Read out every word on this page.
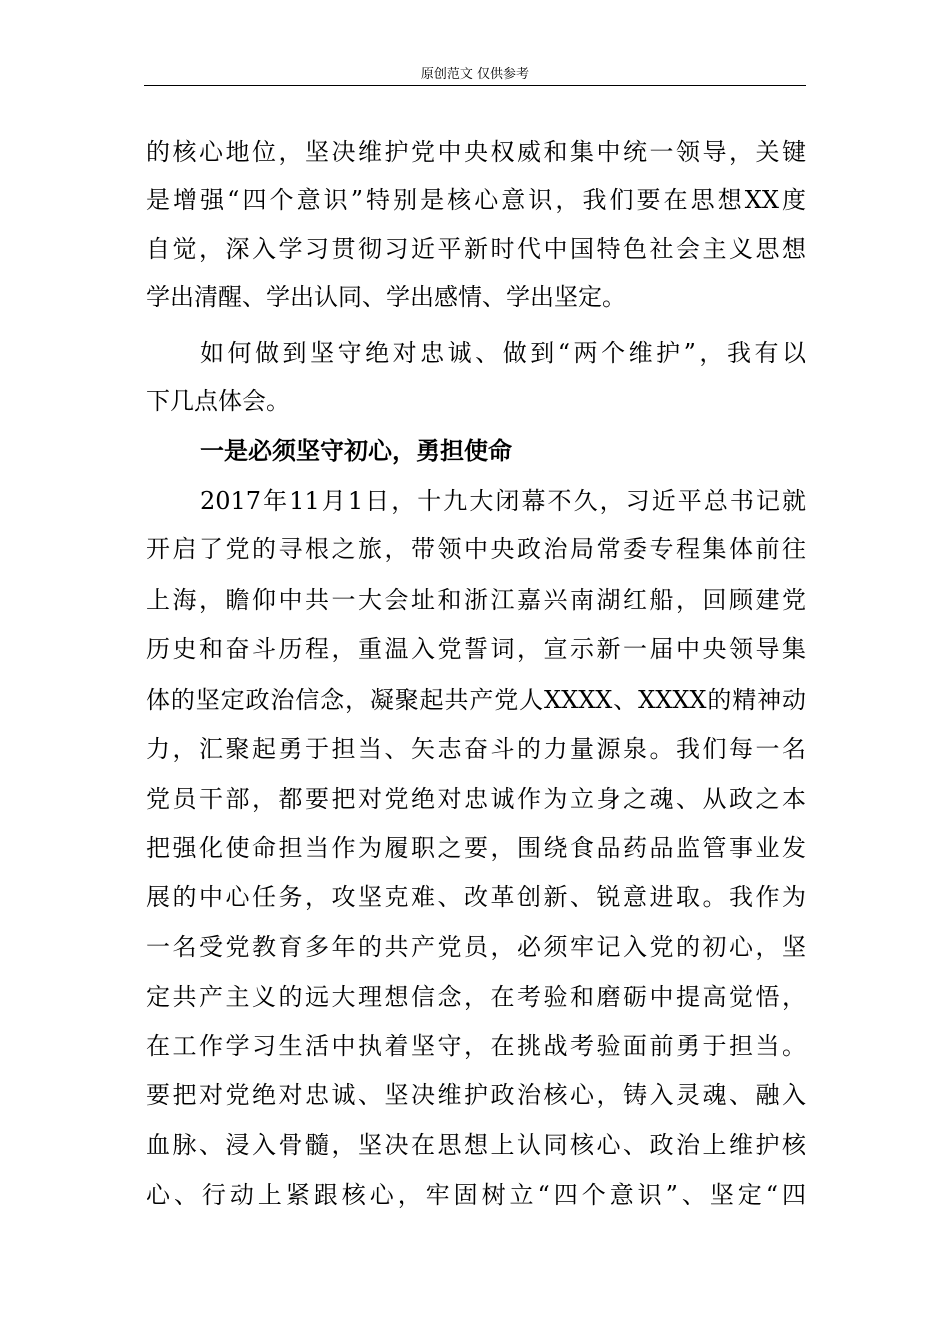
原创范文 仅供参考
的核心地位，坚决维护党中央权威和集中统一领导，关键
是增强“四个意识”特别是核心意识，我们要在思想XX度
自觉，深入学习贯彻习近平新时代中国特色社会主义思想
学出清醒、学出认同、学出感情、学出坚定。
如何做到坚守绝对忠诚、做到“两个维护”，我有以
下几点体会。
一是必须坚守初心，勇担使命
2017年11月1日，十九大闭幕不久，习近平总书记就
开启了党的寻根之旅，带领中央政治局常委专程集体前往
上海，瞻仰中共一大会址和浙江嘉兴南湖红船，回顾建党
历史和奋斗历程，重温入党誓词，宣示新一届中央领导集
体的坚定政治信念，凝聚起共产党人XXXX、XXXX的精神动
力，汇聚起勇于担当、矢志奋斗的力量源泉。我们每一名
党员干部，都要把对党绝对忠诚作为立身之魂、从政之本
把强化使命担当作为履职之要，围绕食品药品监管事业发
展的中心任务，攻坚克难、改革创新、锐意进取。我作为
一名受党教育多年的共产党员，必须牢记入党的初心，坚
定共产主义的远大理想信念，在考验和磨砺中提高觉悟，
在工作学习生活中执着坚守，在挑战考验面前勇于担当。
要把对党绝对忠诚、坚决维护政治核心，铸入灵魂、融入
血脉、浸入骨髓，坚决在思想上认同核心、政治上维护核
心、行动上紧跟核心，牢固树立“四个意识”、坚定“四
